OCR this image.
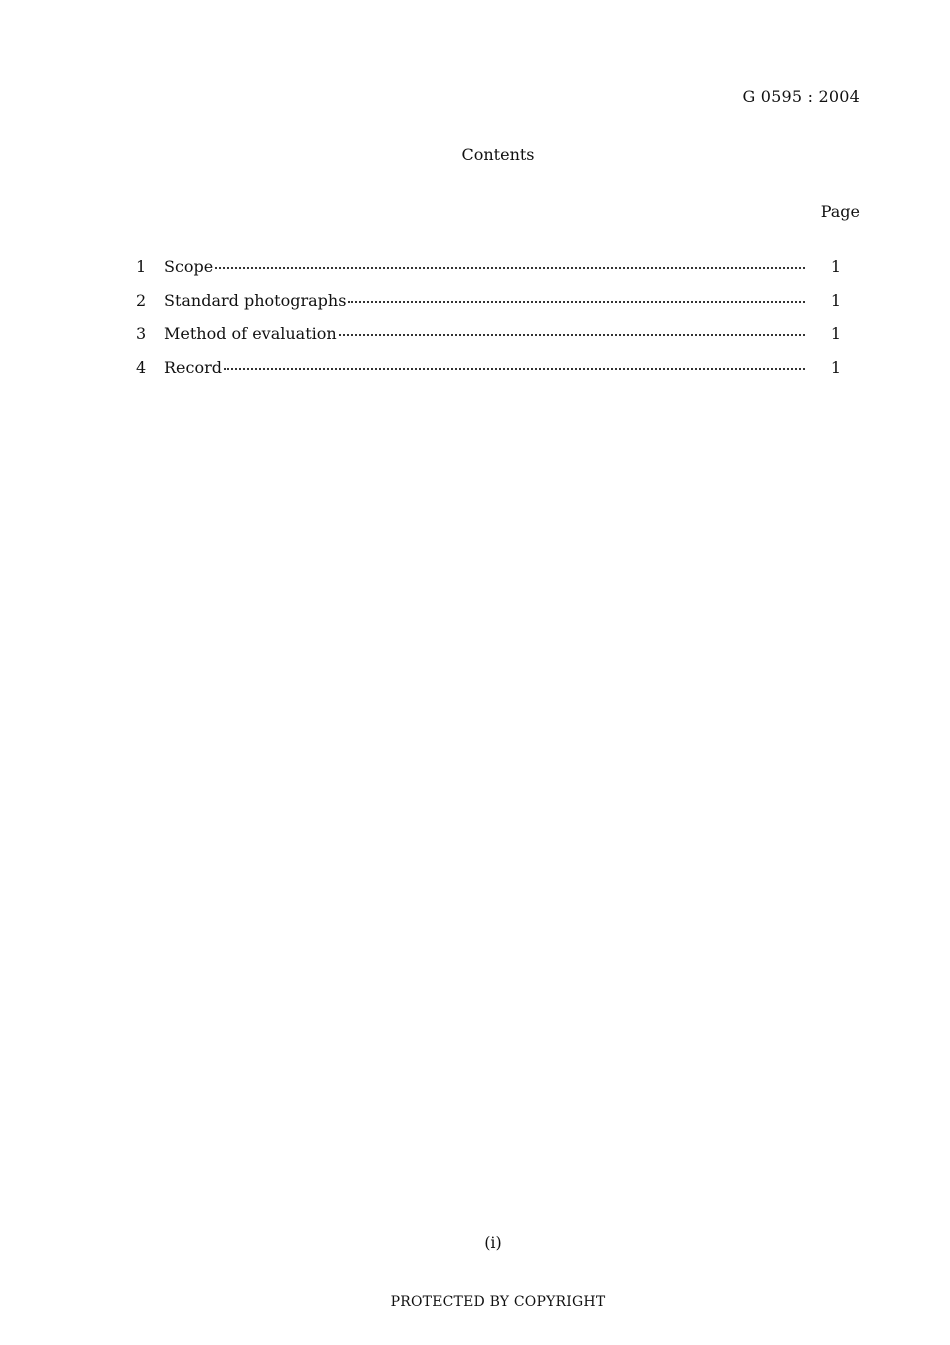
G 0595 : 2004
Contents
Page
1	Scope	1
2	Standard photographs	1
3	Method of evaluation	1
4	Record	1
(i)
PROTECTED BY COPYRIGHT
